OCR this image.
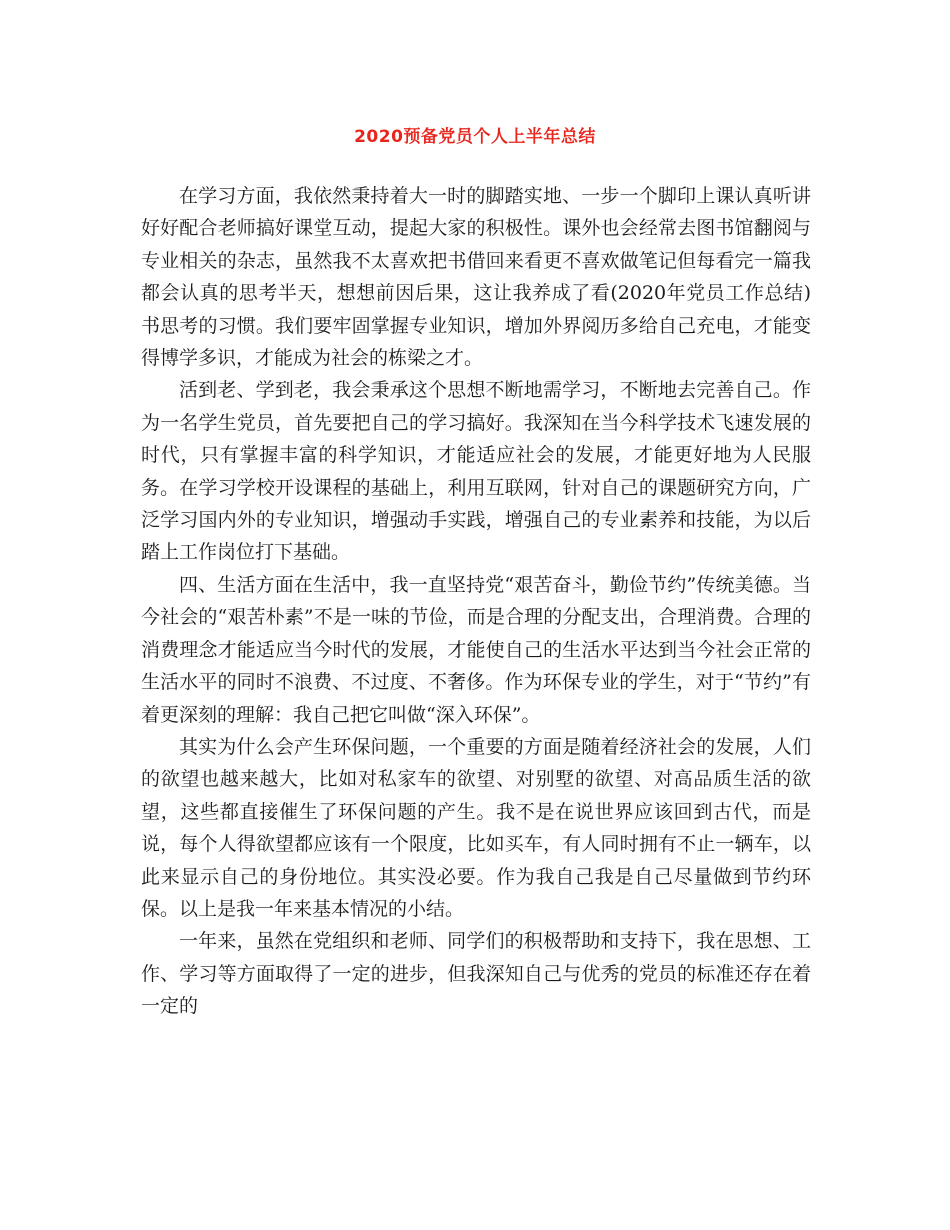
2020预备党员个人上半年总结

在学习方面，我依然秉持着大一时的脚踏实地、一步一个脚印上课认真听讲好好配合老师搞好课堂互动，提起大家的积极性。课外也会经常去图书馆翻阅与专业相关的杂志，虽然我不太喜欢把书借回来看更不喜欢做笔记但每看完一篇我都会认真的思考半天，想想前因后果，这让我养成了看(2020年党员工作总结)书思考的习惯。我们要牢固掌握专业知识，增加外界阅历多给自己充电，才能变得博学多识，才能成为社会的栋梁之才。

活到老、学到老，我会秉承这个思想不断地需学习，不断地去完善自己。作为一名学生党员，首先要把自己的学习搞好。我深知在当今科学技术飞速发展的时代，只有掌握丰富的科学知识，才能适应社会的发展，才能更好地为人民服务。在学习学校开设课程的基础上，利用互联网，针对自己的课题研究方向，广泛学习国内外的专业知识，增强动手实践，增强自己的专业素养和技能，为以后踏上工作岗位打下基础。

四、生活方面在生活中，我一直坚持党“艰苦奋斗，勤俭节约”传统美德。当今社会的“艰苦朴素”不是一味的节俭，而是合理的分配支出，合理消费。合理的消费理念才能适应当今时代的发展，才能使自己的生活水平达到当今社会正常的生活水平的同时不浪费、不过度、不奢侈。作为环保专业的学生，对于“节约”有着更深刻的理解：我自己把它叫做“深入环保”。

其实为什么会产生环保问题，一个重要的方面是随着经济社会的发展，人们的欲望也越来越大，比如对私家车的欲望、对别墅的欲望、对高品质生活的欲望，这些都直接催生了环保问题的产生。我不是在说世界应该回到古代，而是说，每个人得欲望都应该有一个限度，比如买车，有人同时拥有不止一辆车，以此来显示自己的身份地位。其实没必要。作为我自己我是自己尽量做到节约环保。以上是我一年来基本情况的小结。

一年来，虽然在党组织和老师、同学们的积极帮助和支持下，我在思想、工作、学习等方面取得了一定的进步，但我深知自己与优秀的党员的标准还存在着一定的
